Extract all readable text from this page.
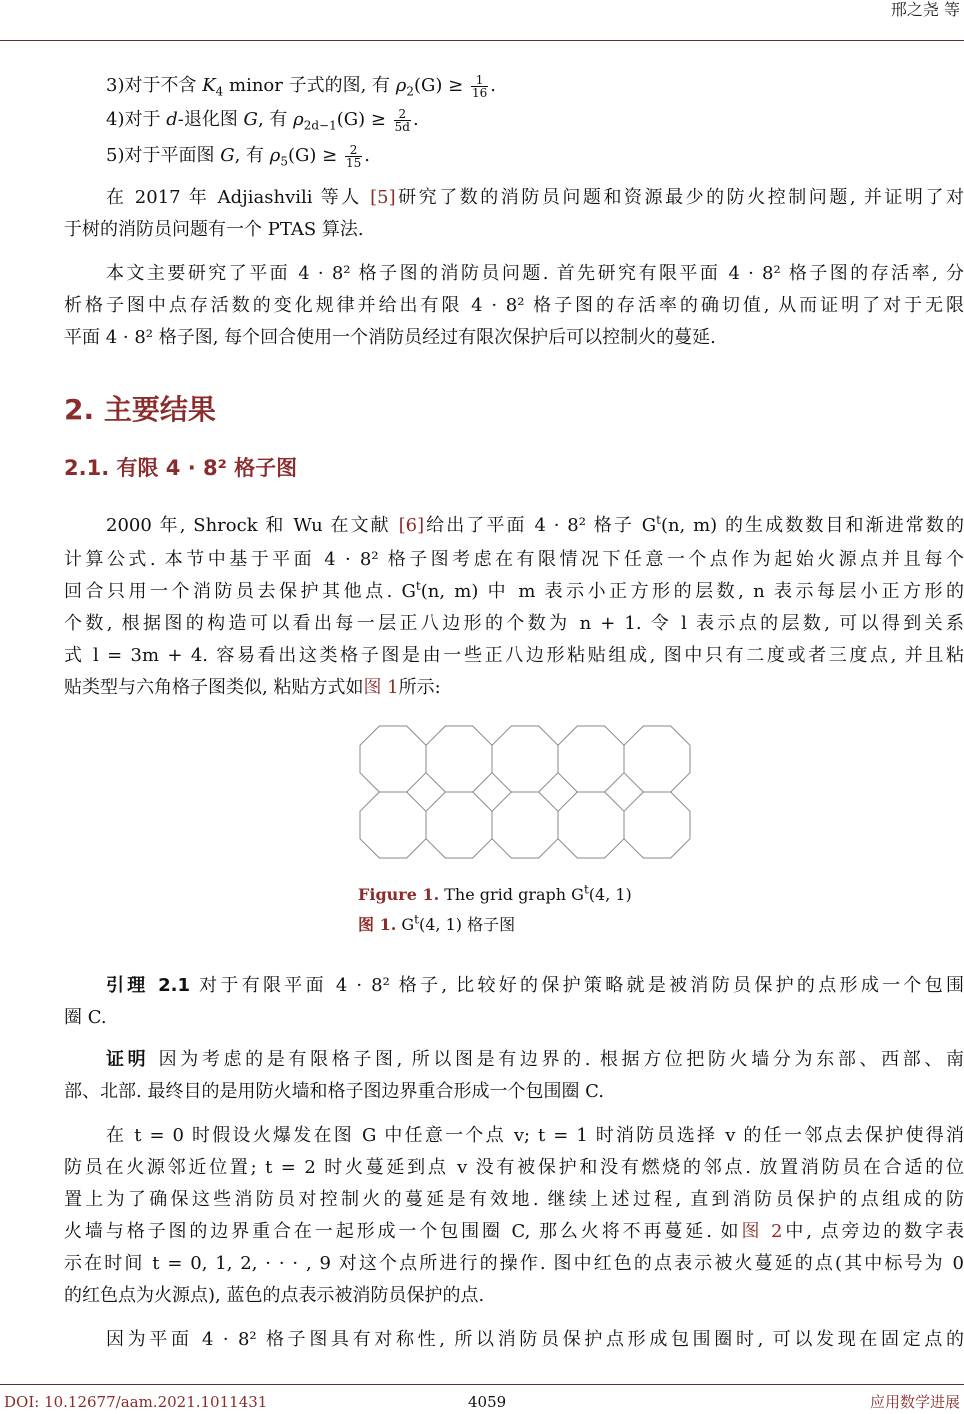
邢之尧 等
3)对于不含 $K_4$ minor 子式的图, 有 $\rho_2(G) \ge \frac{1}{16}$ .
4)对于 d-退化图 G, 有 $\rho_{2d-1}(G) \ge \frac{2}{5d}$ .
5)对于平面图 G, 有 $\rho_5(G) \ge \frac{2}{15}$ .
在 2017 年 Adjiashvili 等人 [5]研究了数的消防员问题和资源最少的防火控制问题, 并证明了对
于树的消防员问题有一个 PTAS 算法.
本文主要研究了平面 4 · 8² 格子图的消防员问题. 首先研究有限平面 4 · 8² 格子图的存活率, 分
析格子图中点存活数的变化规律并给出有限 4 · 8² 格子图的存活率的确切值, 从而证明了对于无限
平面 4 · 8² 格子图, 每个回合使用一个消防员经过有限次保护后可以控制火的蔓延.
2. 主要结果
2.1. 有限 4 · 8² 格子图
2000 年, Shrock 和 Wu 在文献 [6]给出了平面 4 · 8² 格子 $G^t(n$, m) 的生成数数目和渐进常数的
计算公式. 本节中基于平面 4 · 8² 格子图考虑在有限情况下任意一个点作为起始火源点并且每个
回合只用一个消防员去保护其他点. $G^t(n$, m) 中 m 表示小正方形的层数, n 表示每层小正方形的
个数, 根据图的构造可以看出每一层正八边形的个数为 n + 1. 令 l 表示点的层数, 可以得到关系
式 l = 3m + 4. 容易看出这类格子图是由一些正八边形粘贴组成, 图中只有二度或者三度点, 并且粘
贴类型与六角格子图类似, 粘贴方式如图 1所示:
Figure 1. The grid graph $G^t(4$, 1)
图 1. $G^t(4$, 1) 格子图
引理 2.1 对于有限平面 4 · 8² 格子, 比较好的保护策略就是被消防员保护的点形成一个包围
圈 C.
证明 因为考虑的是有限格子图, 所以图是有边界的. 根据方位把防火墙分为东部、西部、南
部、北部. 最终目的是用防火墙和格子图边界重合形成一个包围圈 C.
在 t = 0 时假设火爆发在图 G 中任意一个点 v; t = 1 时消防员选择 v 的任一邻点去保护使得消
防员在火源邻近位置; t = 2 时火蔓延到点 v 没有被保护和没有燃烧的邻点. 放置消防员在合适的位
置上为了确保这些消防员对控制火的蔓延是有效地. 继续上述过程, 直到消防员保护的点组成的防
火墙与格子图的边界重合在一起形成一个包围圈 C, 那么火将不再蔓延. 如图 2中, 点旁边的数字表
示在时间 t = 0, 1, 2, · · · , 9 对这个点所进行的操作. 图中红色的点表示被火蔓延的点(其中标号为 0
的红色点为火源点), 蓝色的点表示被消防员保护的点.
因为平面 4 · 8² 格子图具有对称性, 所以消防员保护点形成包围圈时, 可以发现在固定点的
DOI: 10.12677/aam.2021.1011431	4059	应用数学进展
